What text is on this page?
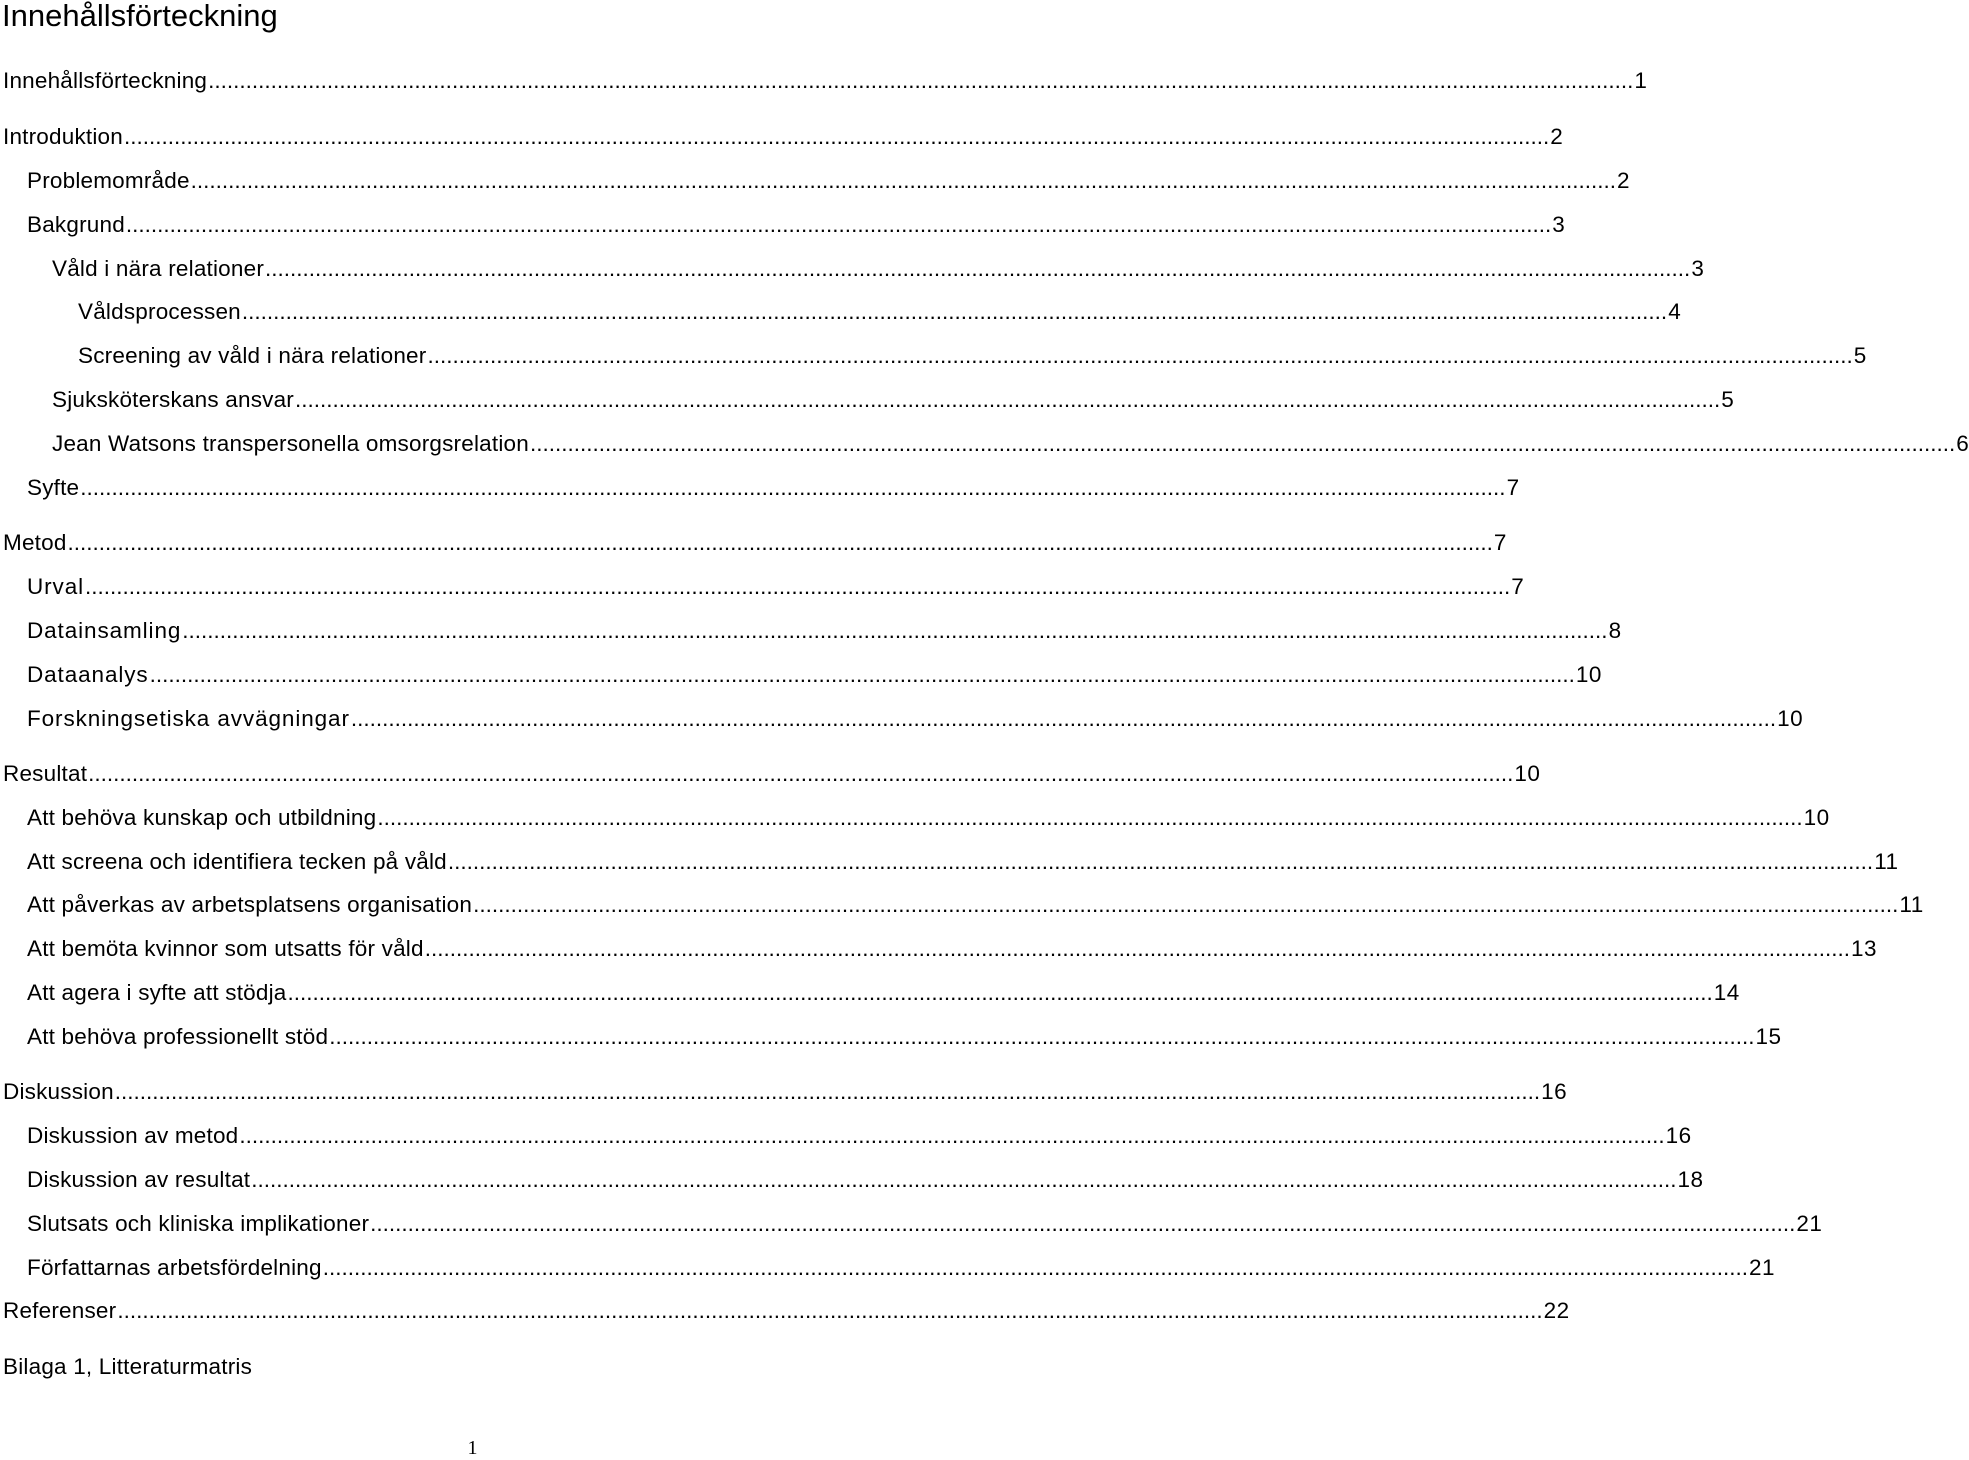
Innehållsförteckning
Innehållsförteckning .....	1
Introduktion .....	2
Problemområde .....	2
Bakgrund .....	3
Våld i nära relationer .....	3
Våldsprocessen .....	4
Screening av våld i nära relationer .....	5
Sjuksköterskans ansvar .....	5
Jean Watsons transpersonella omsorgsrelation .....	6
Syfte .....	7
Metod .....	7
Urval .....	7
Datainsamling .....	8
Dataanalys .....	10
Forskningsetiska avvägningar .....	10
Resultat .....	10
Att behöva kunskap och utbildning .....	10
Att screena och identifiera tecken på våld .....	11
Att påverkas av arbetsplatsens organisation .....	11
Att bemöta kvinnor som utsatts för våld .....	13
Att agera i syfte att stödja .....	14
Att behöva professionellt stöd .....	15
Diskussion .....	16
Diskussion av metod .....	16
Diskussion av resultat .....	18
Slutsats och kliniska implikationer .....	21
Författarnas arbetsfördelning .....	21
Referenser .....	22
Bilaga 1, Litteraturmatris
1
